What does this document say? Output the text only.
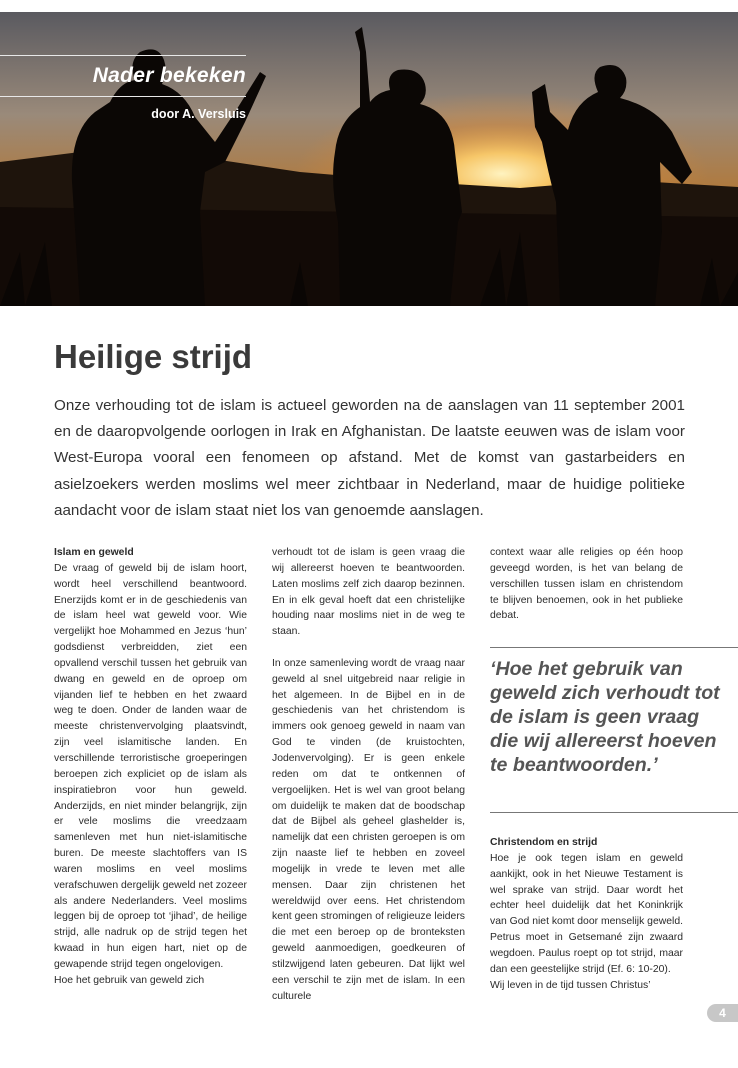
Nader bekeken
door A. Versluis
Heilige strijd

Onze verhouding tot de islam is actueel geworden na de aanslagen van 11 september 2001 en de daaropvolgende oorlogen in Irak en Afghanistan. De laatste eeuwen was de islam voor West-Europa vooral een fenomeen op afstand. Met de komst van gastarbeiders en asielzoekers werden moslims wel meer zichtbaar in Nederland, maar de huidige politieke aandacht voor de islam staat niet los van genoemde aanslagen.

Islam en geweld

De vraag of geweld bij de islam hoort, wordt heel verschillend beantwoord. Enerzijds komt er in de geschiedenis van de islam heel wat geweld voor. Wie vergelijkt hoe Mohammed en Jezus ‘hun’ godsdienst verbreidden, ziet een opvallend verschil tussen het gebruik van dwang en geweld en de oproep om vijanden lief te hebben en het zwaard weg te doen. Onder de landen waar de meeste christenvervolging plaatsvindt, zijn veel islamitische landen. En verschillende terroristische groeperingen beroepen zich expliciet op de islam als inspiratiebron voor hun geweld. Anderzijds, en niet minder belangrijk, zijn er vele moslims die vreedzaam samenleven met hun niet-islamitische buren. De meeste slachtoffers van IS waren moslims en veel moslims verafschuwen dergelijk geweld net zozeer als andere Nederlanders. Veel moslims leggen bij de oproep tot ‘jihad’, de heilige strijd, alle nadruk op de strijd tegen het kwaad in hun eigen hart, niet op de gewapende strijd tegen ongelovigen.

Hoe het gebruik van geweld zich

verhoudt tot de islam is geen vraag die wij allereerst hoeven te beantwoorden. Laten moslims zelf zich daarop bezinnen. En in elk geval hoeft dat een christelijke houding naar moslims niet in de weg te staan.

In onze samenleving wordt de vraag naar geweld al snel uitgebreid naar religie in het algemeen. In de Bijbel en in de geschiedenis van het christendom is immers ook genoeg geweld in naam van God te vinden (de kruistochten, Jodenvervolging). Er is geen enkele reden om dat te ontkennen of vergoelijken. Het is wel van groot belang om duidelijk te maken dat de boodschap dat de Bijbel als geheel glashelder is, namelijk dat een christen geroepen is om zijn naaste lief te hebben en zoveel mogelijk in vrede te leven met alle mensen. Daar zijn christenen het wereldwijd over eens. Het christendom kent geen stromingen of religieuze leiders die met een beroep op de bronteksten geweld aanmoedigen, goedkeuren of stilzwijgend laten gebeuren. Dat lijkt wel een verschil te zijn met de islam. In een culturele

context waar alle religies op één hoop geveegd worden, is het van belang de verschillen tussen islam en christendom te blijven benoemen, ook in het publieke debat.

‘Hoe het gebruik van geweld zich verhoudt tot de islam is geen vraag die wij allereerst hoeven te beantwoorden.’

Christendom en strijd

Hoe je ook tegen islam en geweld aankijkt, ook in het Nieuwe Testament is wel sprake van strijd. Daar wordt het echter heel duidelijk dat het Koninkrijk van God niet komt door menselijk geweld. Petrus moet in Getsemané zijn zwaard wegdoen. Paulus roept op tot strijd, maar dan een geestelijke strijd (Ef. 6: 10-20).

Wij leven in de tijd tussen Christus’

4
